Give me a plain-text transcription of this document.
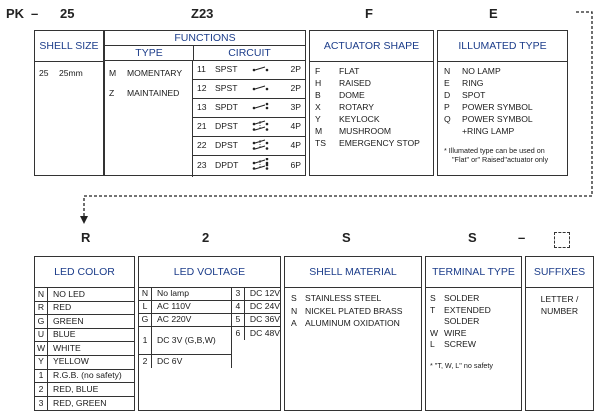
PK – 25	Z23	F	E
SHELL SIZE
25 25mm
FUNCTIONS
TYPE	CIRCUIT
M	MOMENTARY
Z	MAINTAINED
11	SPST	2P
12 SPST	2P
13 SPDT	3P
21 DPST	4P
22 DPST	4P
23 DPDT	6P
ACTUATOR SHAPE
F	FLAT
H	RAISED
B	DOME
X	ROTARY
Y	KEYLOCK
M	MUSHROOM
TS	EMERGENCY STOP
ILLUMATED TYPE
N	NO LAMP
E	RING
D	SPOT
P	POWER SYMBOL
Q	POWER SYMBOL
+RING LAMP
* Illumated type can be used on
"Flat" or" Raised"actuator only
R	2	S	S	–
LED COLOR
N	NO LED
R	RED
G	GREEN
U	BLUE
W WHITE
Y	YELLOW
1	R.G.B. (no safety)
2	RED, BLUE
3	RED, GREEN
LED VOLTAGE
N	No lamp
L	AC 110V
G	AC 220V
1	DC 3V (G,B,W)
2	DC 6V
3	DC 12V
4	DC 24V
5	DC 36V
6	DC 48V
SHELL MATERIAL
S STAINLESS STEEL
N NICKEL PLATED BRASS
A ALUMINUM OXIDATION
TERMINAL TYPE
S SOLDER
T	EXTENDED
SOLDER
W WIRE
L	SCREW
* "T, W, L" no safety
SUFFIXES
LETTER /
NUMBER
